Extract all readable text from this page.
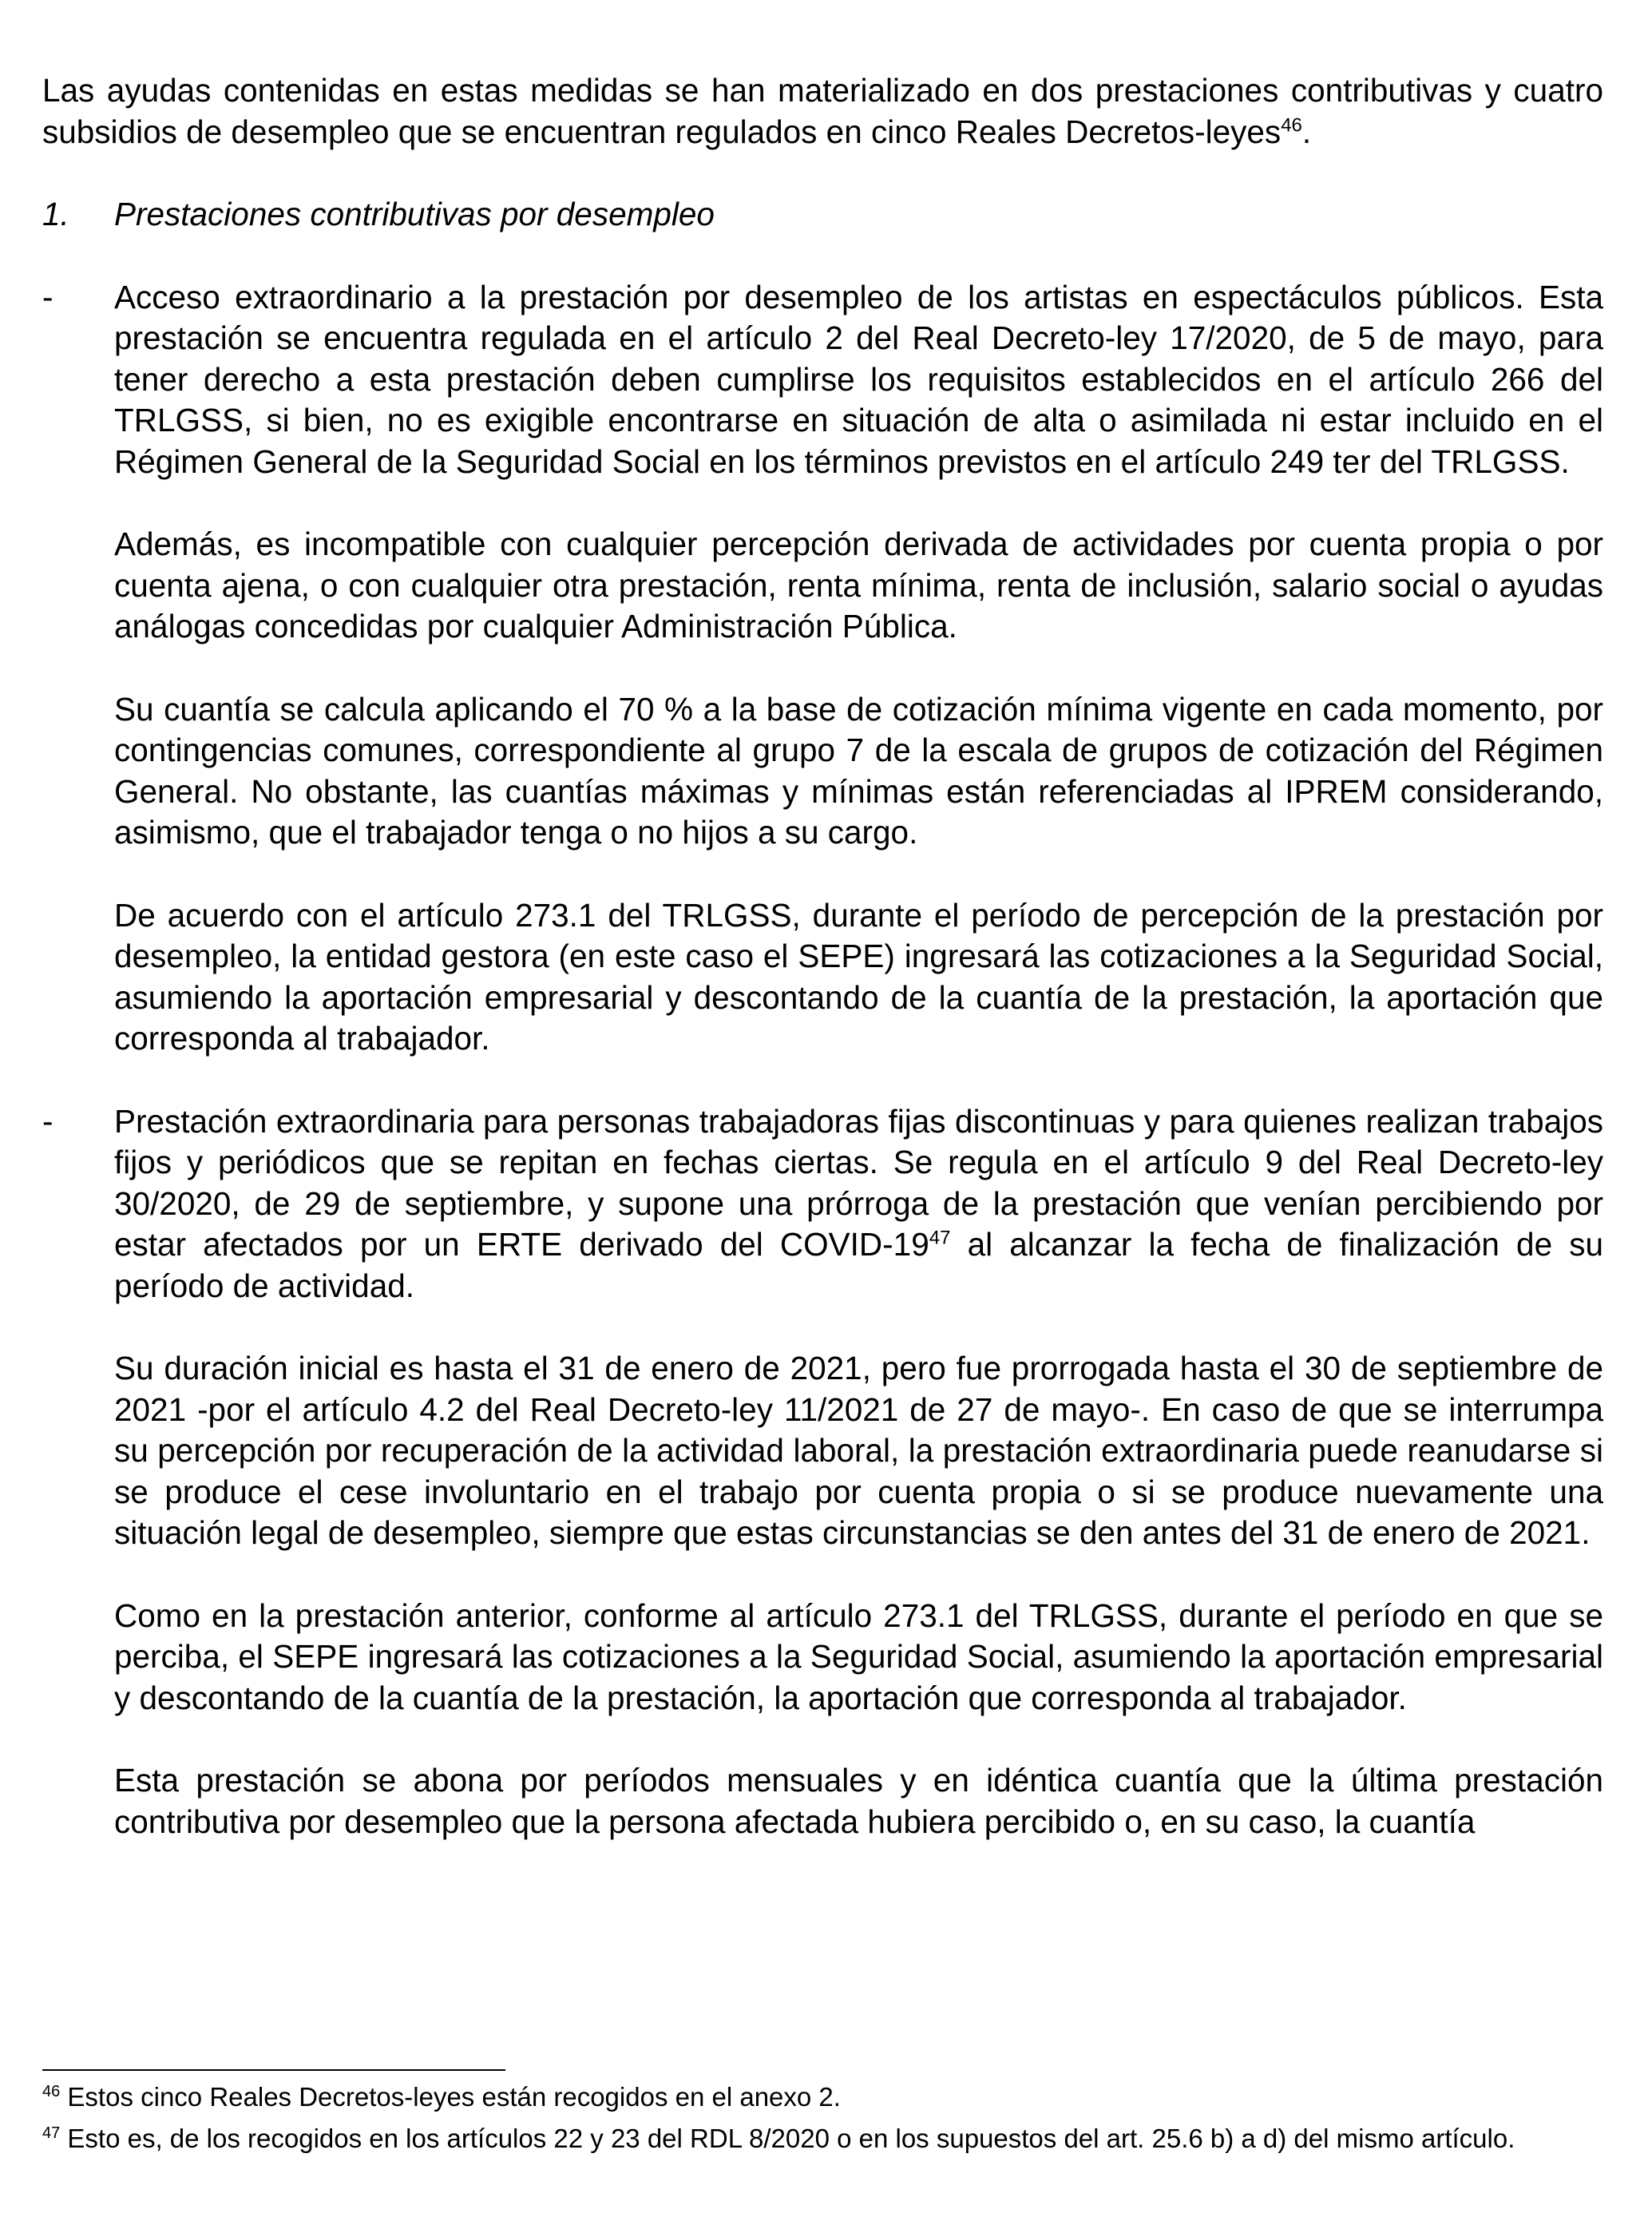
Las ayudas contenidas en estas medidas se han materializado en dos prestaciones contributivas y cuatro subsidios de desempleo que se encuentran regulados en cinco Reales Decretos-leyes$^{46}$.

1.	Prestaciones contributivas por desempleo
-	Acceso extraordinario a la prestación por desempleo de los artistas en espectáculos públicos. Esta prestación se encuentra regulada en el artículo 2 del Real Decreto-ley 17/2020, de 5 de mayo, para tener derecho a esta prestación deben cumplirse los requisitos establecidos en el artículo 266 del TRLGSS, si bien, no es exigible encontrarse en situación de alta o asimilada ni estar incluido en el Régimen General de la Seguridad Social en los términos previstos en el artículo 249 ter del TRLGSS.

Además, es incompatible con cualquier percepción derivada de actividades por cuenta propia o por cuenta ajena, o con cualquier otra prestación, renta mínima, renta de inclusión, salario social o ayudas análogas concedidas por cualquier Administración Pública.

Su cuantía se calcula aplicando el 70 % a la base de cotización mínima vigente en cada momento, por contingencias comunes, correspondiente al grupo 7 de la escala de grupos de cotización del Régimen General. No obstante, las cuantías máximas y mínimas están referenciadas al IPREM considerando, asimismo, que el trabajador tenga o no hijos a su cargo.

De acuerdo con el artículo 273.1 del TRLGSS, durante el período de percepción de la prestación por desempleo, la entidad gestora (en este caso el SEPE) ingresará las cotizaciones a la Seguridad Social, asumiendo la aportación empresarial y descontando de la cuantía de la prestación, la aportación que corresponda al trabajador.

-	Prestación extraordinaria para personas trabajadoras fijas discontinuas y para quienes realizan trabajos fijos y periódicos que se repitan en fechas ciertas. Se regula en el artículo 9 del Real Decreto-ley 30/2020, de 29 de septiembre, y supone una prórroga de la prestación que venían percibiendo por estar afectados por un ERTE derivado del COVID-$19^{47}$ al alcanzar la fecha de finalización de su período de actividad.

Su duración inicial es hasta el 31 de enero de 2021, pero fue prorrogada hasta el 30 de septiembre de 2021 -por el artículo 4.2 del Real Decreto-ley 11/2021 de 27 de mayo-. En caso de que se interrumpa su percepción por recuperación de la actividad laboral, la prestación extraordinaria puede reanudarse si se produce el cese involuntario en el trabajo por cuenta propia o si se produce nuevamente una situación legal de desempleo, siempre que estas circunstancias se den antes del 31 de enero de 2021.

Como en la prestación anterior, conforme al artículo 273.1 del TRLGSS, durante el período en que se perciba, el SEPE ingresará las cotizaciones a la Seguridad Social, asumiendo la aportación empresarial y descontando de la cuantía de la prestación, la aportación que corresponda al trabajador.

Esta prestación se abona por períodos mensuales y en idéntica cuantía que la última prestación contributiva por desempleo que la persona afectada hubiera percibido o, en su caso, la cuantía

$^{46}$ Estos cinco Reales Decretos-leyes están recogidos en el anexo 2.

$^{47}$ Esto es, de los recogidos en los artículos 22 y 23 del RDL 8/2020 o en los supuestos del art. 25.6 b) a d) del mismo artículo.
